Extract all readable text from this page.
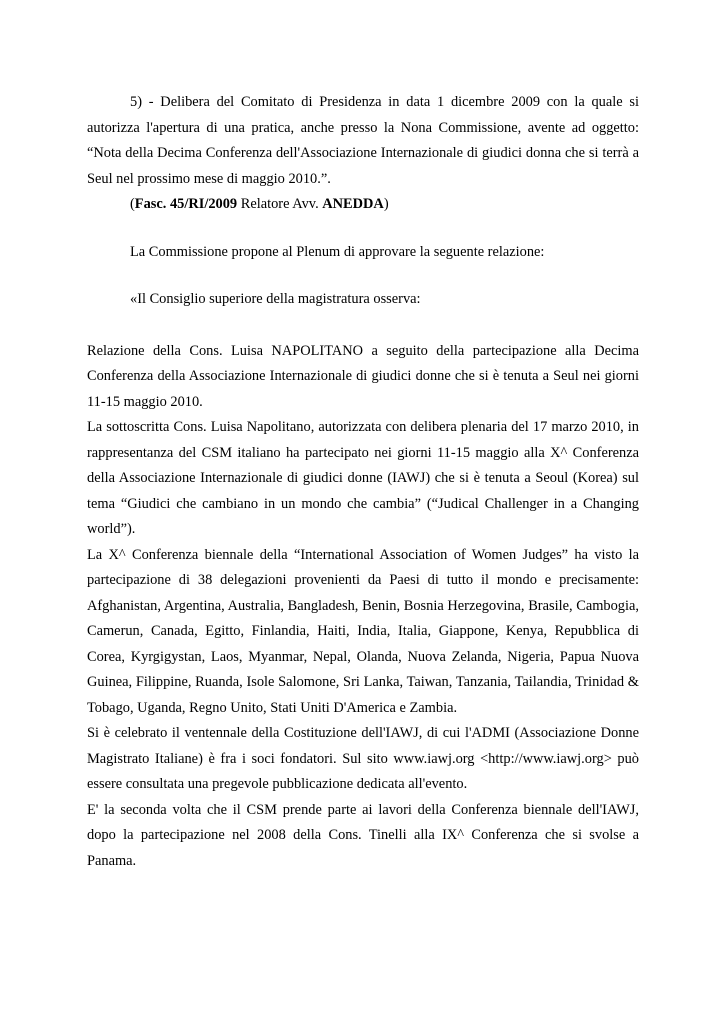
5) - Delibera del Comitato di Presidenza in data 1 dicembre 2009 con la quale si autorizza l'apertura di una pratica, anche presso la Nona Commissione, avente ad oggetto: “Nota della Decima Conferenza dell'Associazione Internazionale di giudici donna che si terrà a Seul nel prossimo mese di maggio 2010.”.

(Fasc. 45/RI/2009 Relatore Avv. ANEDDA)

La Commissione propone al Plenum di approvare la seguente relazione:

«Il Consiglio superiore della magistratura osserva:

Relazione della Cons. Luisa NAPOLITANO a seguito della partecipazione alla Decima Conferenza della Associazione Internazionale di giudici donne che si è tenuta a Seul nei giorni 11-15 maggio 2010.

La sottoscritta Cons. Luisa Napolitano, autorizzata con delibera plenaria del 17 marzo 2010, in rappresentanza del CSM italiano ha partecipato nei giorni 11-15 maggio alla X^ Conferenza della Associazione Internazionale di giudici donne (IAWJ) che si è tenuta a Seoul (Korea) sul tema “Giudici che cambiano in un mondo che cambia” (“Judical Challenger in a Changing world”).

La X^ Conferenza biennale della “International Association of Women Judges” ha visto la partecipazione di 38 delegazioni provenienti da Paesi di tutto il mondo e precisamente: Afghanistan, Argentina, Australia, Bangladesh, Benin, Bosnia Herzegovina, Brasile, Cambogia, Camerun, Canada, Egitto, Finlandia, Haiti, India, Italia, Giappone, Kenya, Repubblica di Corea, Kyrgigystan, Laos, Myanmar, Nepal, Olanda, Nuova Zelanda, Nigeria, Papua Nuova Guinea, Filippine, Ruanda, Isole Salomone, Sri Lanka, Taiwan, Tanzania, Tailandia, Trinidad & Tobago, Uganda, Regno Unito, Stati Uniti D'America e Zambia.

Si è celebrato il ventennale della Costituzione dell'IAWJ, di cui l'ADMI (Associazione Donne Magistrato Italiane) è fra i soci fondatori. Sul sito www.iawj.org <http://www.iawj.org> può essere consultata una pregevole pubblicazione dedicata all'evento.

E' la seconda volta che il CSM prende parte ai lavori della Conferenza biennale dell'IAWJ, dopo la partecipazione nel 2008 della Cons. Tinelli alla IX^ Conferenza che si svolse a Panama.
